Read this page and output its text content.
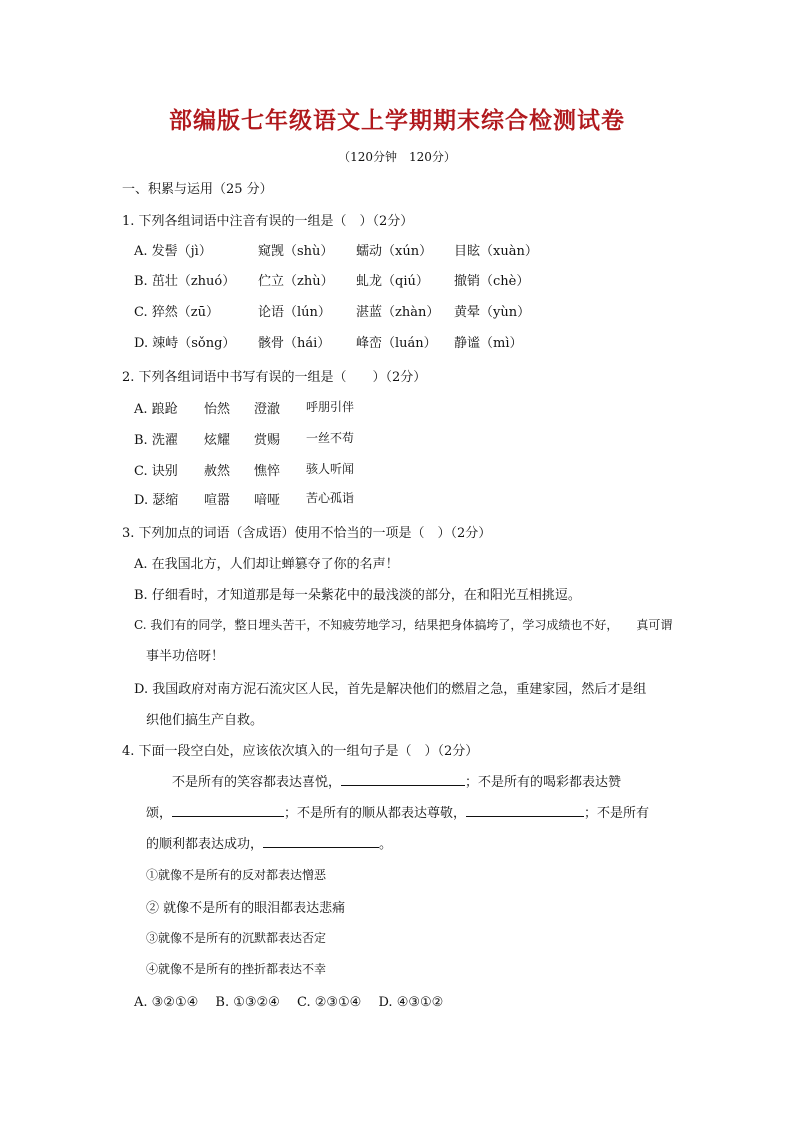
部编版七年级语文上学期期末综合检测试卷
（120分钟　120分）
一、积累与运用（25 分）
1. 下列各组词语中注音有误的一组是（　）（2分）
A. 发髻（jì）	窥觊（shù） 蠕动（xún） 目眩（xuàn）
B. 茁壮（zhuó） 伫立（zhù） 虬龙（qiú） 撤销（chè）
C. 猝然（zū）	论语（lún） 湛蓝（zhàn） 黄晕（yùn）
D. 竦峙（sǒng） 骸骨（hái） 峰峦（luán） 静谧（mì）
2. 下列各组词语中书写有误的一组是（　　）（2分）
A. 踉跄 怡然 澄澈 呼朋引伴
B. 洗濯 炫耀 赏赐 一丝不苟
C. 诀别 赦然 憔悴 骇人听闻
D. 瑟缩 喧嚣 喑哑 苦心孤诣
3. 下列加点的词语（含成语）使用不恰当的一项是（　）（2分）
A. 在我国北方，人们却让蝉篡夺了你的名声！
B. 仔细看时，才知道那是每一朵紫花中的最浅淡的部分，在和阳光互相挑逗。
C. 我们有的同学，整日埋头苦干，不知疲劳地学习，结果把身体搞垮了，学习成绩也不好，　　真可谓
事半功倍呀！
D. 我国政府对南方泥石流灾区人民，首先是解决他们的燃眉之急，重建家园，然后才是组
织他们搞生产自救。
4. 下面一段空白处，应该依次填入的一组句子是（　）（2分）
不是所有的笑容都表达喜悦，	；不是所有的喝彩都表达赞
颂，	；不是所有的顺从都表达尊敬，	；不是所有
的顺利都表达成功，	。
①就像不是所有的反对都表达憎恶
② 就像不是所有的眼泪都表达悲痛
③就像不是所有的沉默都表达否定
④就像不是所有的挫折都表达不幸
A. ③②①④　 B. ①③②④　 C. ②③①④　 D. ④③①②
